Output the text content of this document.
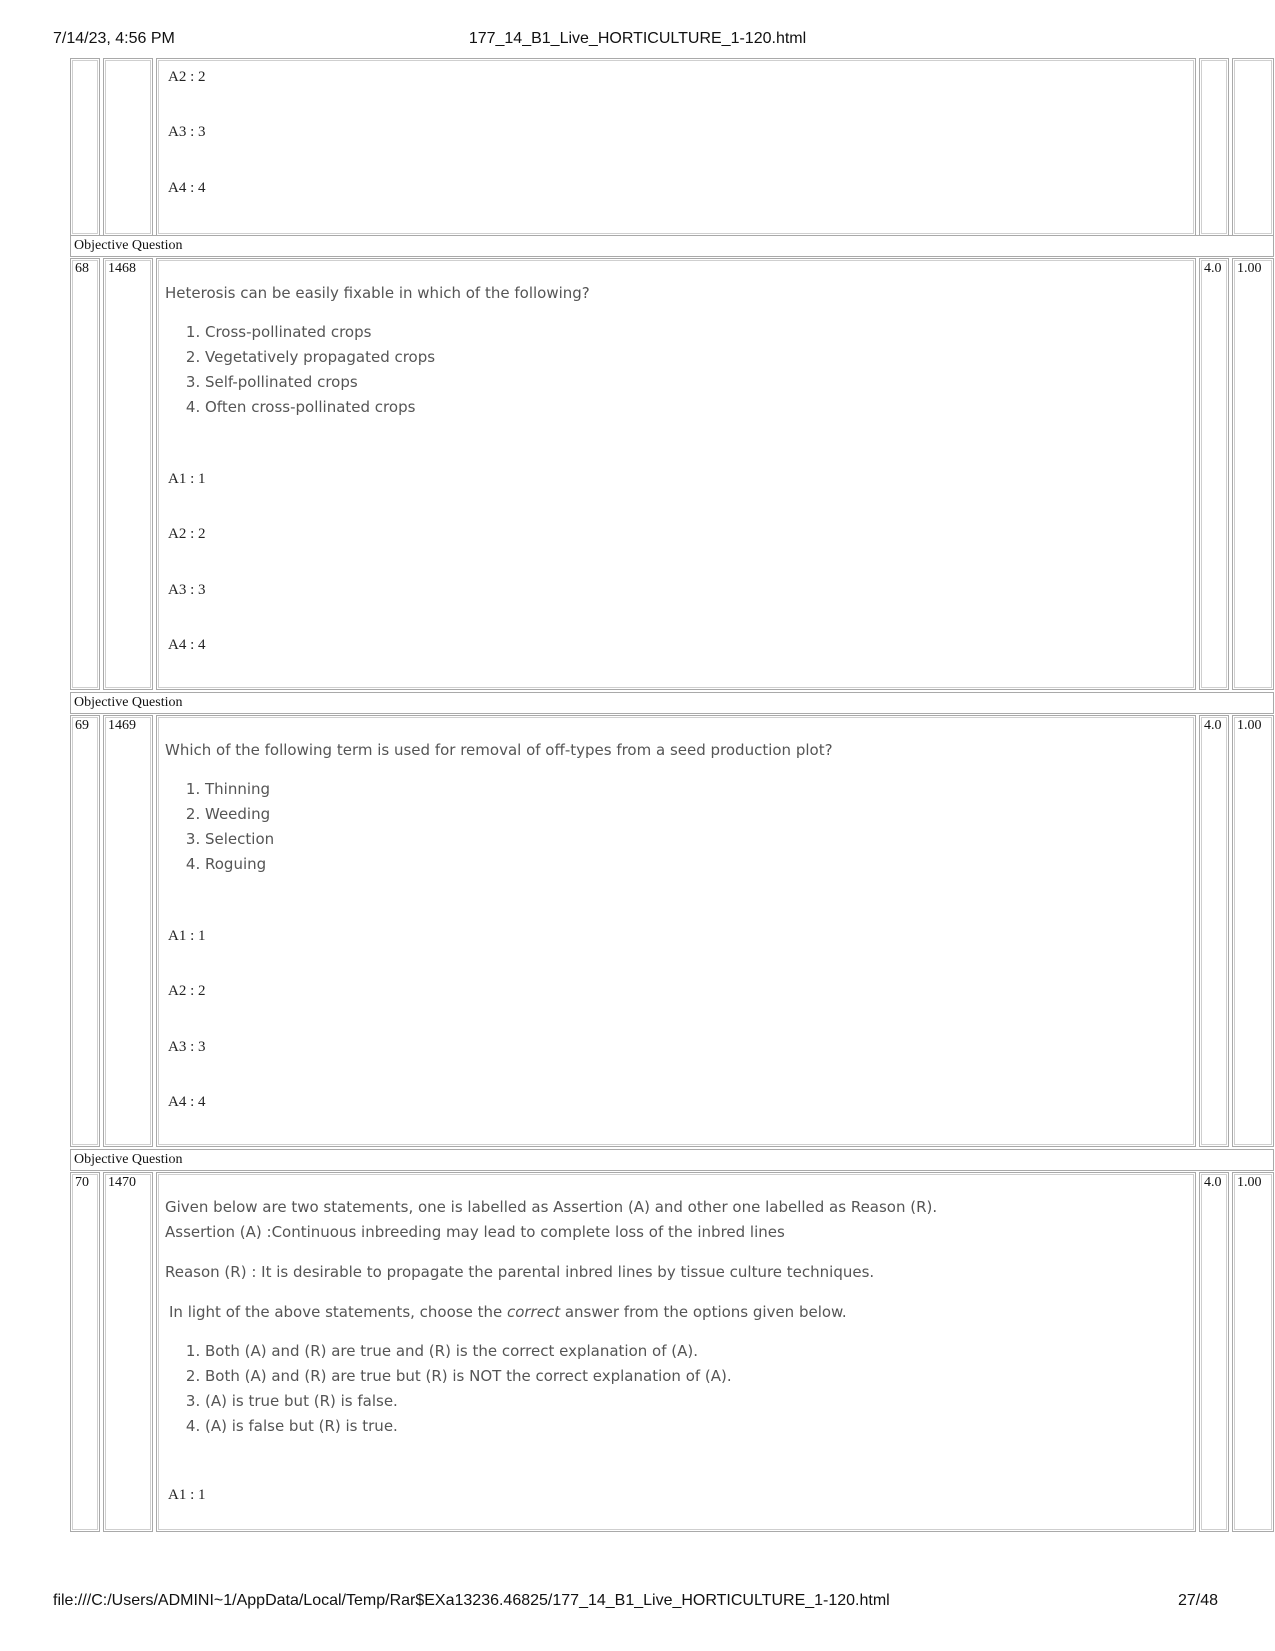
7/14/23, 4:56 PM	177_14_B1_Live_HORTICULTURE_1-120.html
A2 : 2
A3 : 3
A4 : 4
Objective Question
68 1468

Heterosis can be easily fixable in which of the following?

1. Cross-pollinated crops
2. Vegetatively propagated crops
3. Self-pollinated crops
4. Often cross-pollinated crops
A1 : 1
A2 : 2
A3 : 3
A4 : 4
4.0 1.00
Objective Question
69 1469

Which of the following term is used for removal of off-types from a seed production plot?

1. Thinning
2. Weeding
3. Selection
4. Roguing
A1 : 1
A2 : 2
A3 : 3
A4 : 4
4.0 1.00
Objective Question
70 1470

Given below are two statements, one is labelled as Assertion (A) and other one labelled as Reason (R).

Assertion (A) :Continuous inbreeding may lead to complete loss of the inbred lines

Reason (R) : It is desirable to propagate the parental inbred lines by tissue culture techniques.

In light of the above statements, choose the correct answer from the options given below.

1. Both (A) and (R) are true and (R) is the correct explanation of (A).
2. Both (A) and (R) are true but (R) is NOT the correct explanation of (A).
3. (A) is true but (R) is false.
4. (A) is false but (R) is true.
A1 : 1
4.0 1.00
file:///C:/Users/ADMINI~1/AppData/Local/Temp/Rar$EXa13236.46825/177_14_B1_Live_HORTICULTURE_1-120.html	27/48
